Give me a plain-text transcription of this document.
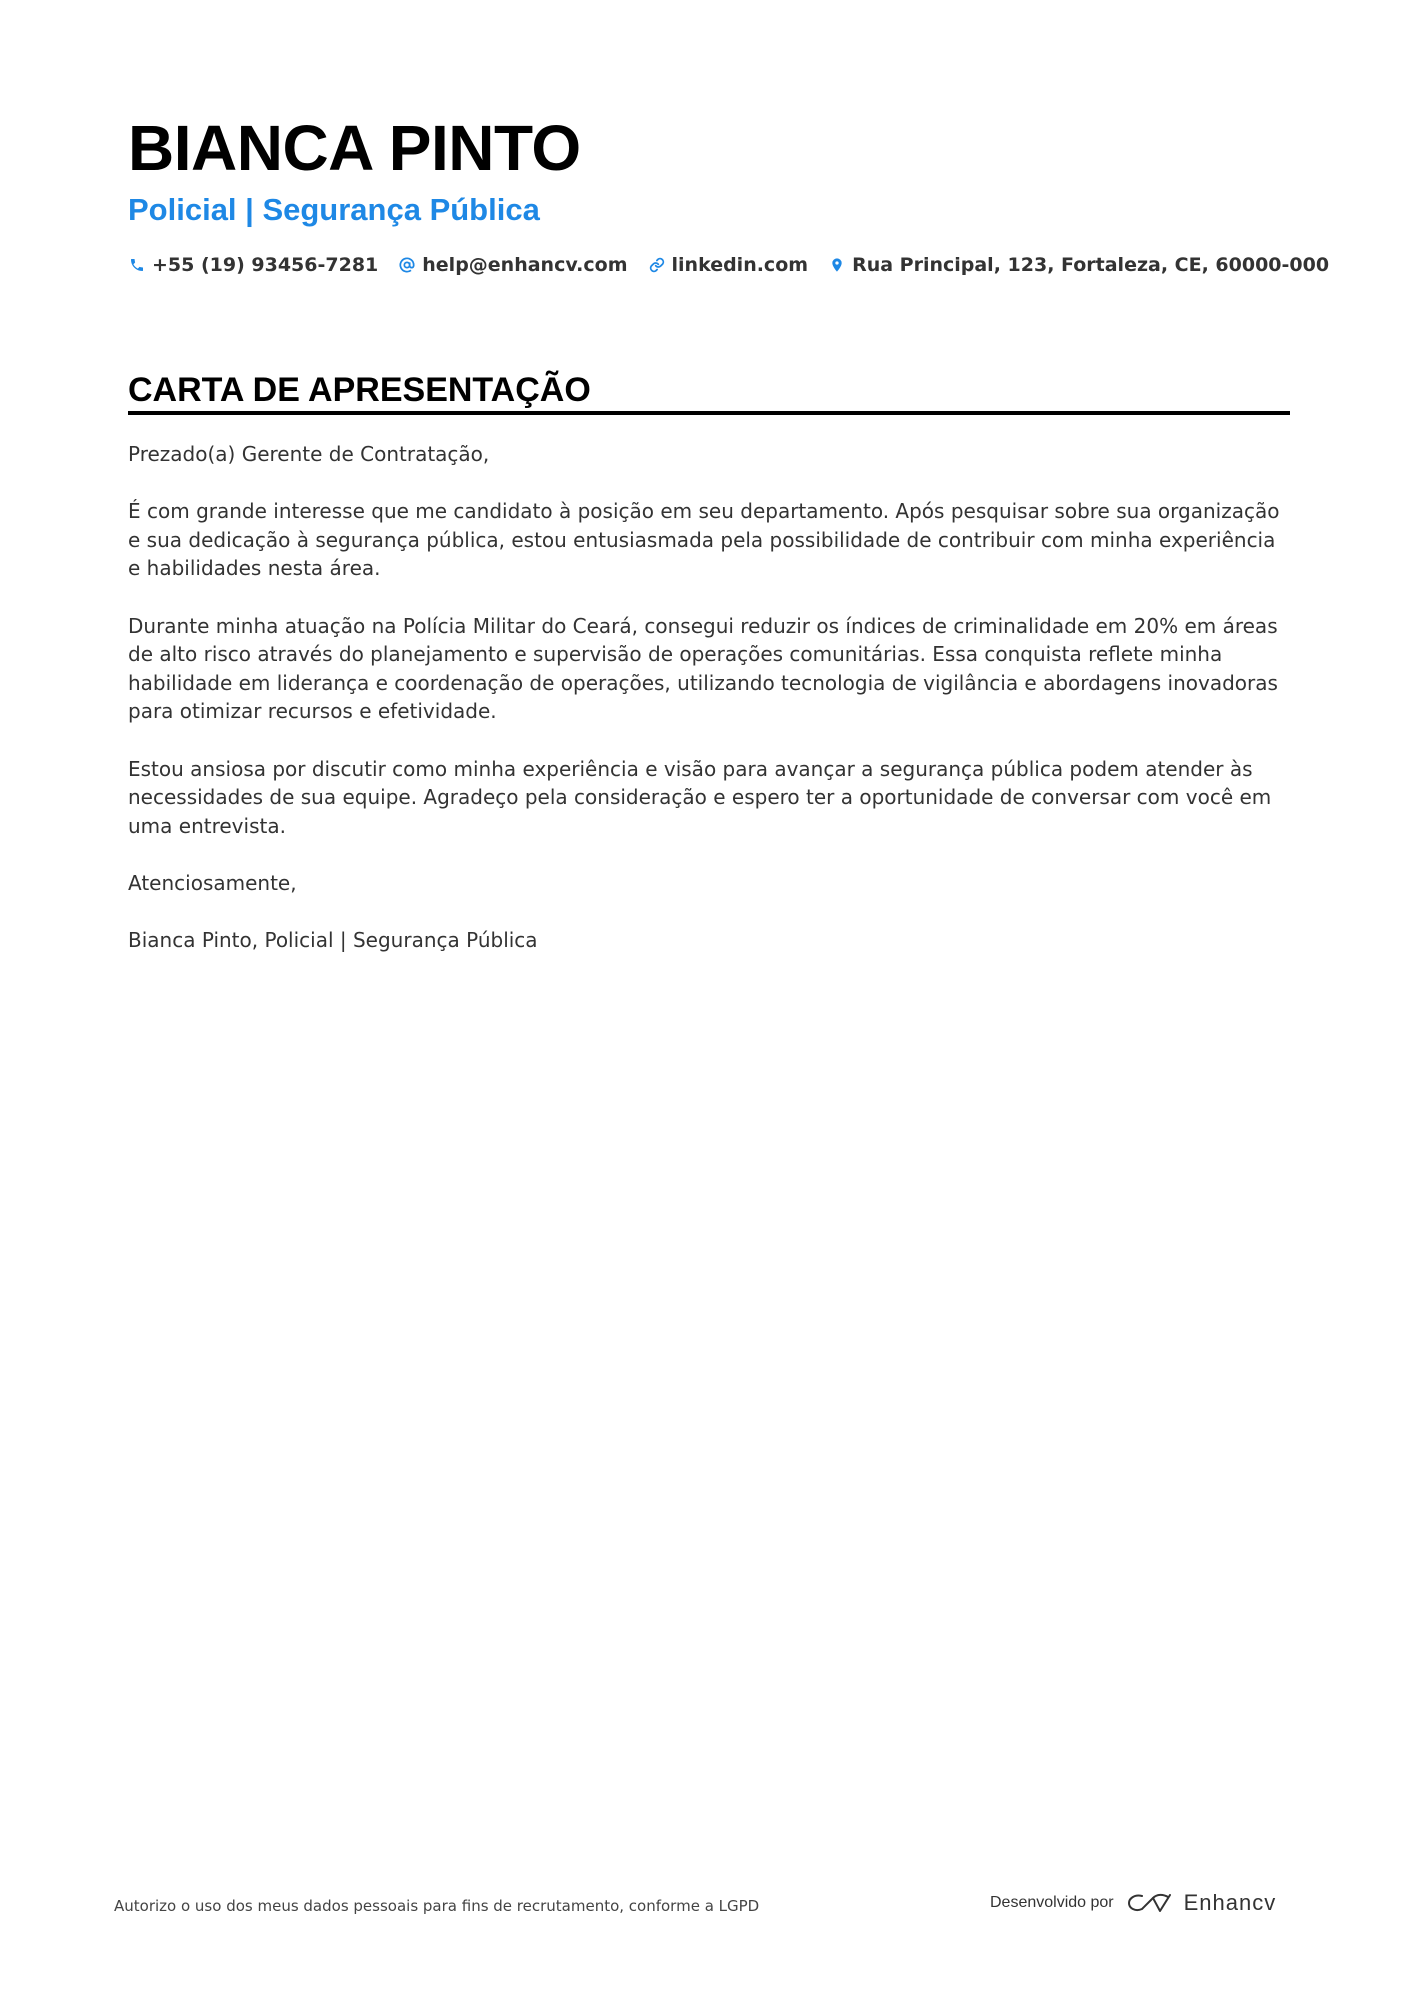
BIANCA PINTO
Policial | Segurança Pública
+55 (19) 93456-7281 help@enhancv.com linkedin.com Rua Principal, 123, Fortaleza, CE, 60000-000
CARTA DE APRESENTAÇÃO

Prezado(a) Gerente de Contratação,

É com grande interesse que me candidato à posição em seu departamento. Após pesquisar sobre sua organização e sua dedicação à segurança pública, estou entusiasmada pela possibilidade de contribuir com minha experiência e habilidades nesta área.

Durante minha atuação na Polícia Militar do Ceará, consegui reduzir os índices de criminalidade em 20% em áreas de alto risco através do planejamento e supervisão de operações comunitárias. Essa conquista reflete minha habilidade em liderança e coordenação de operações, utilizando tecnologia de vigilância e abordagens inovadoras para otimizar recursos e efetividade.

Estou ansiosa por discutir como minha experiência e visão para avançar a segurança pública podem atender às necessidades de sua equipe. Agradeço pela consideração e espero ter a oportunidade de conversar com você em uma entrevista.

Atenciosamente,

Bianca Pinto, Policial | Segurança Pública

Autorizo o uso dos meus dados pessoais para fins de recrutamento, conforme a LGPD	Desenvolvido por	Enhancv
